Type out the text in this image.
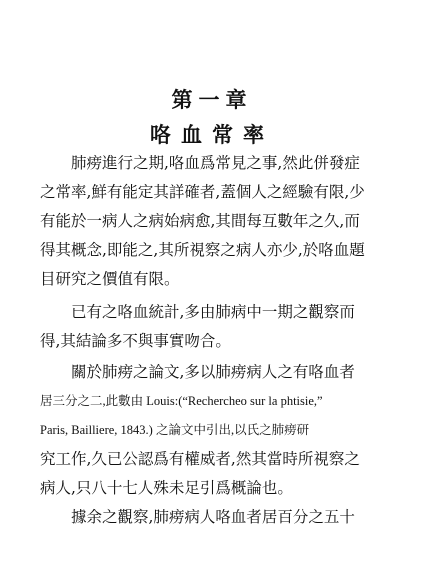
第一章
咯血常率
　　肺痨進行之期,咯血爲常見之事,然此併發症
之常率,鮮有能定其詳確者,蓋個人之經驗有限,少
有能於一病人之病始病愈,其間每互數年之久,而
得其概念,即能之,其所視察之病人亦少,於咯血題
目研究之價值有限。
　　已有之咯血統計,多由肺病中一期之觀察而
得,其結論多不與事實吻合。
　　關於肺痨之論文,多以肺痨病人之有咯血者
居三分之二,此數由 Louis:(“Rechercheo sur la phtisie,”
Paris, Bailliere, 1843.) 之論文中引出,以氏之肺痨研
究工作,久已公認爲有權威者,然其當時所視察之
病人,只八十七人殊未足引爲概論也。
　　據余之觀察,肺痨病人咯血者居百分之五十
